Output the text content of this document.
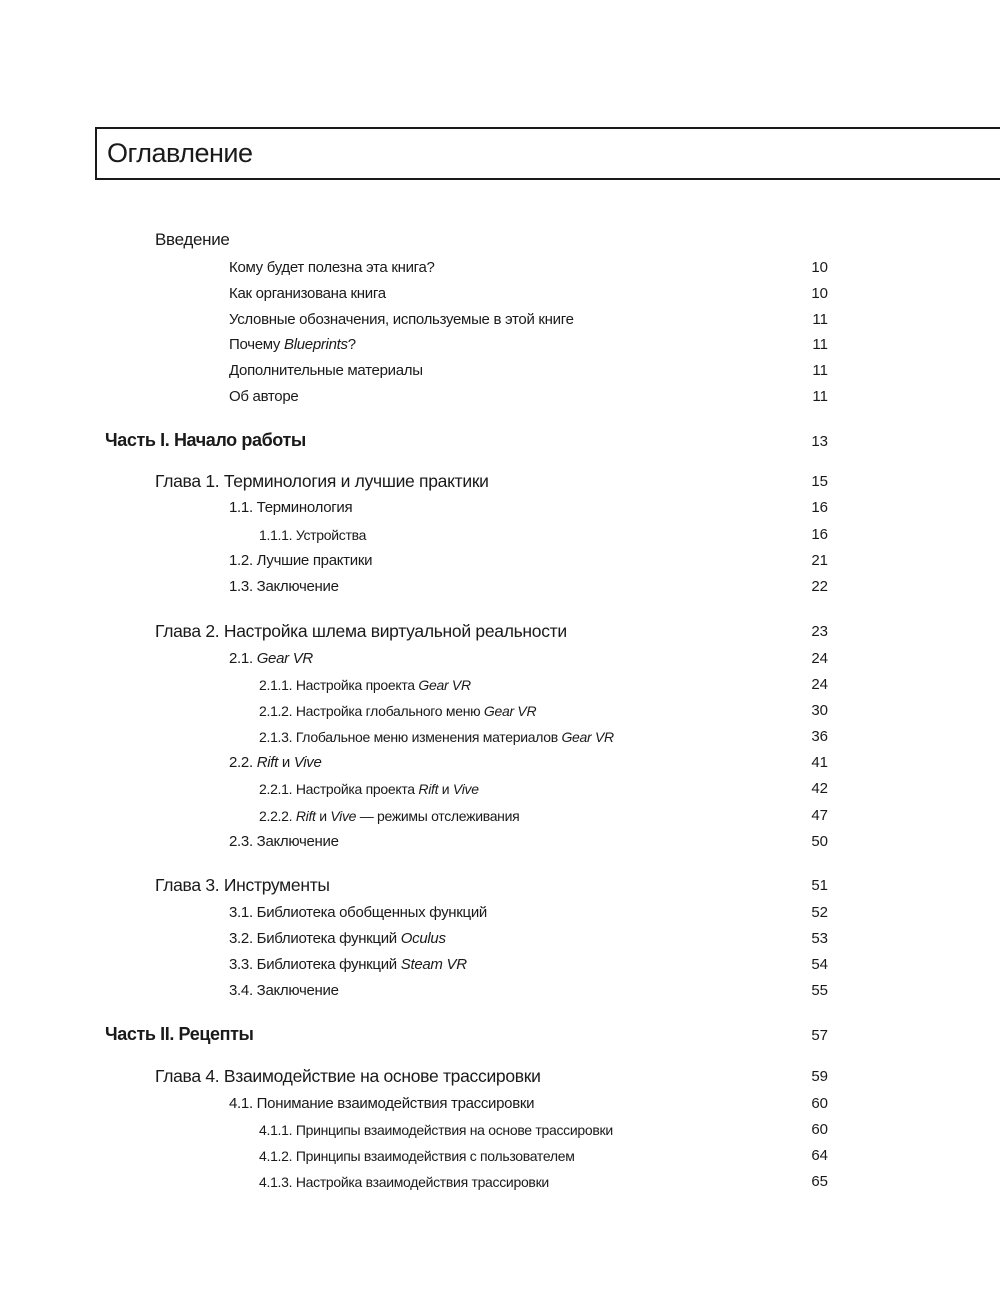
Оглавление
Введение
Кому будет полезна эта книга?	10
Как организована книга	10
Условные обозначения, используемые в этой книге	11
Почему Blueprints?	11
Дополнительные материалы	11
Об авторе	11
Часть I. Начало работы	13
Глава 1. Терминология и лучшие практики	15
1.1. Терминология	16
1.1.1. Устройства	16
1.2. Лучшие практики	21
1.3. Заключение	22
Глава 2. Настройка шлема виртуальной реальности	23
2.1. Gear VR	24
2.1.1. Настройка проекта Gear VR	24
2.1.2. Настройка глобального меню Gear VR	30
2.1.3. Глобальное меню изменения материалов Gear VR	36
2.2. Rift и Vive	41
2.2.1. Настройка проекта Rift и Vive	42
2.2.2. Rift и Vive — режимы отслеживания	47
2.3. Заключение	50
Глава 3. Инструменты	51
3.1. Библиотека обобщенных функций	52
3.2. Библиотека функций Oculus	53
3.3. Библиотека функций Steam VR	54
3.4. Заключение	55
Часть II. Рецепты	57
Глава 4. Взаимодействие на основе трассировки	59
4.1. Понимание взаимодействия трассировки	60
4.1.1. Принципы взаимодействия на основе трассировки	60
4.1.2. Принципы взаимодействия с пользователем	64
4.1.3. Настройка взаимодействия трассировки	65
